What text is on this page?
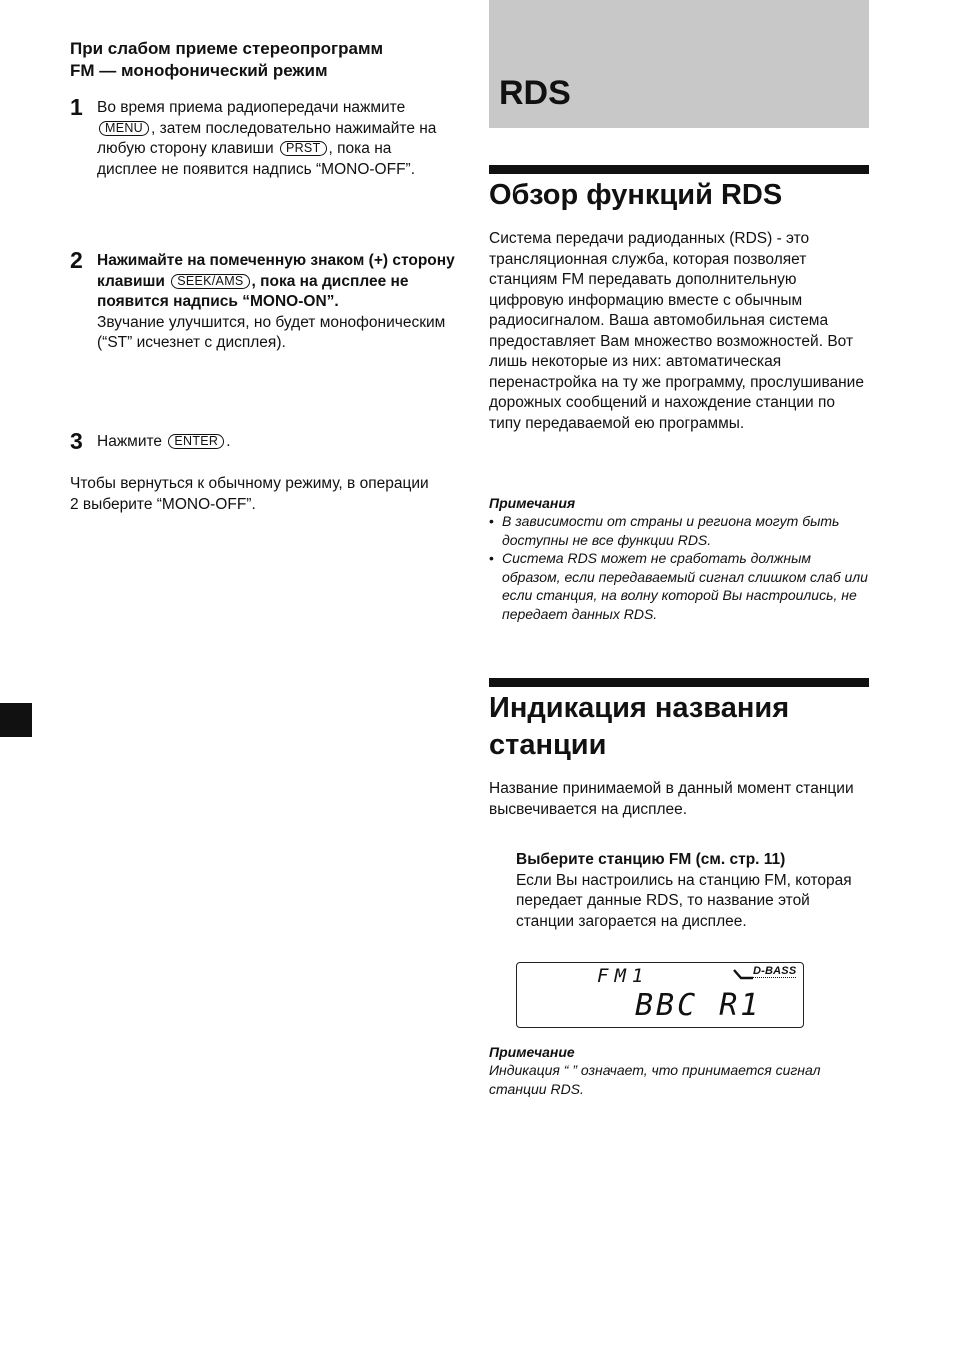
При слабом приеме стереопрограмм
FM — монофонический режим
1 Во время приема радиопередачи нажмите MENU , затем последовательно нажимайте на любую сторону клавиши PRST , пока на дисплее не появится надпись “MONO-OFF”.
2 Нажимайте на помеченную знаком (+) сторону клавиши SEEK/AMS , пока на дисплее не появится надпись “MONO-ON”.
Звучание улучшится, но будет монофоническим (“ST” исчезнет с дисплея).
3 Нажмите ENTER .
Чтобы вернуться к обычному режиму, в операции 2 выберите “MONO-OFF”.
RDS
Обзор функций RDS
Система передачи радиоданных (RDS) - это трансляционная служба, которая позволяет станциям FM передавать дополнительную цифровую информацию вместе с обычным радиосигналом. Ваша автомобильная система предоставляет Вам множество возможностей. Вот лишь некоторые из них: автоматическая перенастройка на ту же программу, прослушивание дорожных сообщений и нахождение станции по типу передаваемой ею программы.
Примечания
• В зависимости от страны и региона могут быть доступны не все функции RDS.
• Система RDS может не сработать должным образом, если передаваемый сигнал слишком слаб или если станция, на волну которой Вы настроились, не передает данных RDS.
Индикация названия
станции
Название принимаемой в данный момент станции высвечивается на дисплее.
Выберите станцию FM (см. стр. 11)
Если Вы настроились на станцию FM, которая передает данные RDS, то название этой станции загорается на дисплее.
FM1	D-BASS
BBC R1
Примечание
Индикация “ ” означает, что принимается сигнал станции RDS.
